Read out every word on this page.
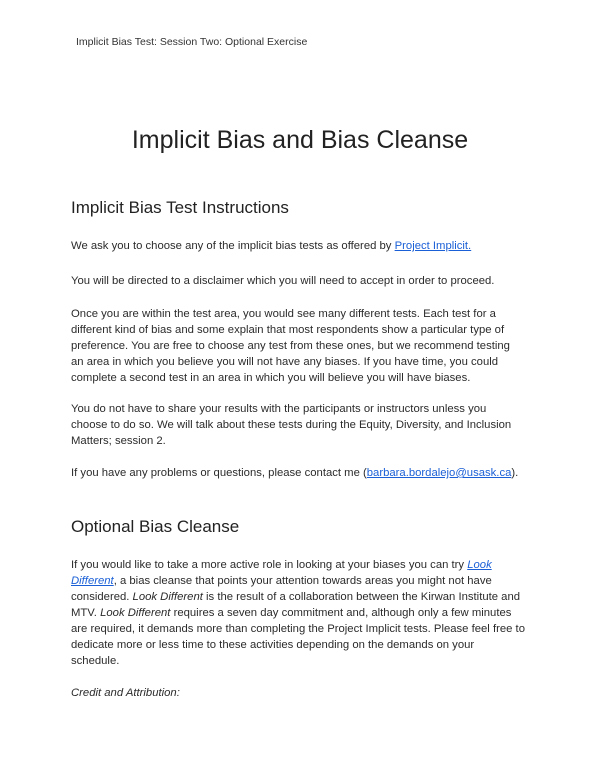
Implicit Bias Test: Session Two: Optional Exercise
Implicit Bias and Bias Cleanse
Implicit Bias Test Instructions
We ask you to choose any of the implicit bias tests as offered by Project Implicit.
You will be directed to a disclaimer which you will need to accept in order to proceed.
Once you are within the test area, you would see many different tests. Each test for a
different kind of bias and some explain that most respondents show a particular type of
preference. You are free to choose any test from these ones, but we recommend testing
an area in which you believe you will not have any biases. If you have time, you could
complete a second test in an area in which you will believe you will have biases.
You do not have to share your results with the participants or instructors unless you
choose to do so. We will talk about these tests during the Equity, Diversity, and Inclusion
Matters; session 2.
If you have any problems or questions, please contact me (barbara.bordalejo@usask.ca).
Optional Bias Cleanse
If you would like to take a more active role in looking at your biases you can try Look
Different, a bias cleanse that points your attention towards areas you might not have
considered. Look Different is the result of a collaboration between the Kirwan Institute and
MTV. Look Different requires a seven day commitment and, although only a few minutes
are required, it demands more than completing the Project Implicit tests. Please feel free to
dedicate more or less time to these activities depending on the demands on your
schedule.
Credit and Attribution:
